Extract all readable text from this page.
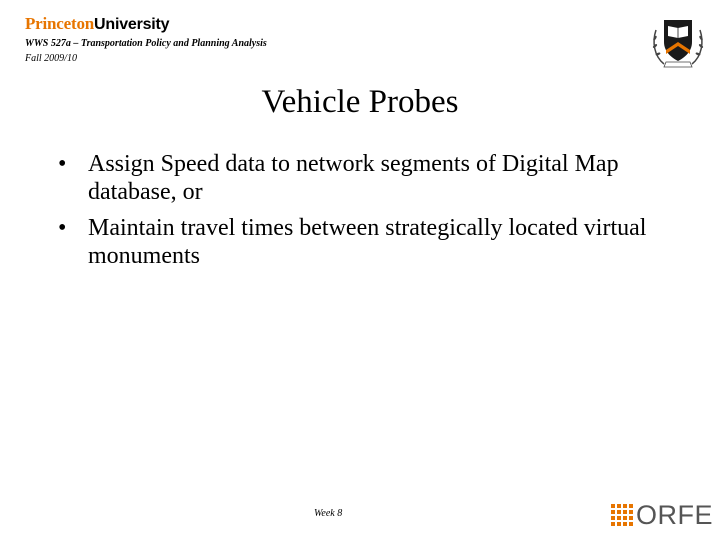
PrincetonUniversity
WWS 527a – Transportation Policy and Planning Analysis
Fall 2009/10
Vehicle Probes
• Assign Speed data to network segments of Digital Map database, or
• Maintain travel times between strategically located virtual monuments
Week 8	ORFE
